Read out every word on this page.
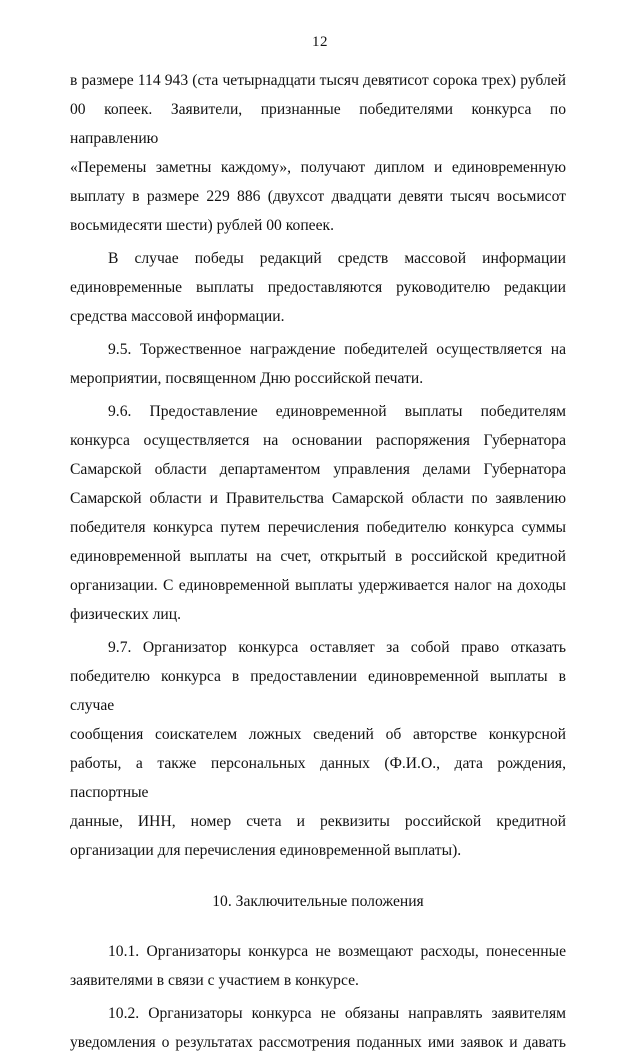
12

в размере 114 943 (ста четырнадцати тысяч девятисот сорока трех) рублей

00 копеек. Заявители, признанные победителями конкурса по направлению

«Перемены заметны каждому», получают диплом и единовременную

выплату в размере 229 886 (двухсот двадцати девяти тысяч восьмисот

восьмидесяти шести) рублей 00 копеек.

В случае победы редакций средств массовой информации

единовременные выплаты предоставляются руководителю редакции

средства массовой информации.

9.5. Торжественное награждение победителей осуществляется на

мероприятии, посвященном Дню российской печати.

9.6. Предоставление единовременной выплаты победителям

конкурса осуществляется на основании распоряжения Губернатора

Самарской области департаментом управления делами Губернатора

Самарской области и Правительства Самарской области по заявлению

победителя конкурса путем перечисления победителю конкурса суммы

единовременной выплаты на счет, открытый в российской кредитной

организации. С единовременной выплаты удерживается налог на доходы

физических лиц.

9.7. Организатор конкурса оставляет за собой право отказать

победителю конкурса в предоставлении единовременной выплаты в случае

сообщения соискателем ложных сведений об авторстве конкурсной

работы, а также персональных данных (Ф.И.О., дата рождения, паспортные

данные, ИНН, номер счета и реквизиты российской кредитной

организации для перечисления единовременной выплаты).

10. Заключительные положения

10.1. Организаторы конкурса не возмещают расходы, понесенные

заявителями в связи с участием в конкурсе.

10.2. Организаторы конкурса не обязаны направлять заявителям

уведомления о результатах рассмотрения поданных ими заявок и давать
